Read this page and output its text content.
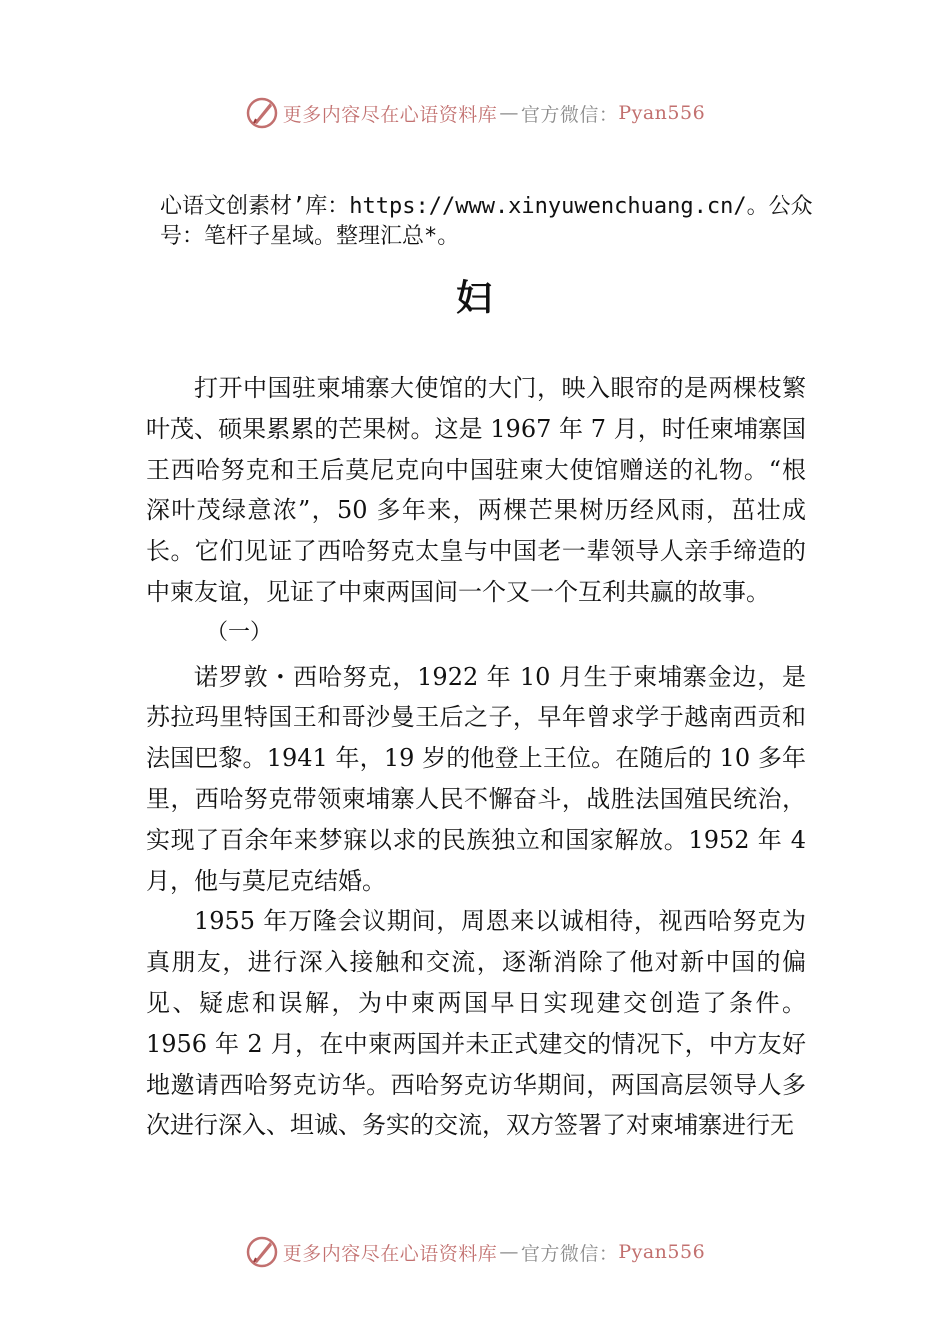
更多内容尽在心语资料库 — 官方微信： Pyan556
心语文创素材’库：https://www.xinyuwenchuang.cn/。公众号：笔杆子星域。整理汇总*。
妇

打开中国驻柬埔寨大使馆的大门，映入眼帘的是两棵枝繁叶茂、硕果累累的芒果树。这是 1967 年 7 月，时任柬埔寨国王西哈努克和王后莫尼克向中国驻柬大使馆赠送的礼物。“根深叶茂绿意浓”，50 多年来，两棵芒果树历经风雨，茁壮成长。它们见证了西哈努克太皇与中国老一辈领导人亲手缔造的中柬友谊，见证了中柬两国间一个又一个互利共赢的故事。

（一）

诺罗敦・西哈努克，1922 年 10 月生于柬埔寨金边，是苏拉玛里特国王和哥沙曼王后之子，早年曾求学于越南西贡和法国巴黎。1941 年，19 岁的他登上王位。在随后的 10 多年里，西哈努克带领柬埔寨人民不懈奋斗，战胜法国殖民统治，实现了百余年来梦寐以求的民族独立和国家解放。1952 年 4 月，他与莫尼克结婚。

1955 年万隆会议期间，周恩来以诚相待，视西哈努克为真朋友，进行深入接触和交流，逐渐消除了他对新中国的偏见、疑虑和误解，为中柬两国早日实现建交创造了条件。1956 年 2 月，在中柬两国并未正式建交的情况下，中方友好地邀请西哈努克访华。西哈努克访华期间，两国高层领导人多次进行深入、坦诚、务实的交流，双方签署了对柬埔寨进行无

更多内容尽在心语资料库 — 官方微信： Pyan556
